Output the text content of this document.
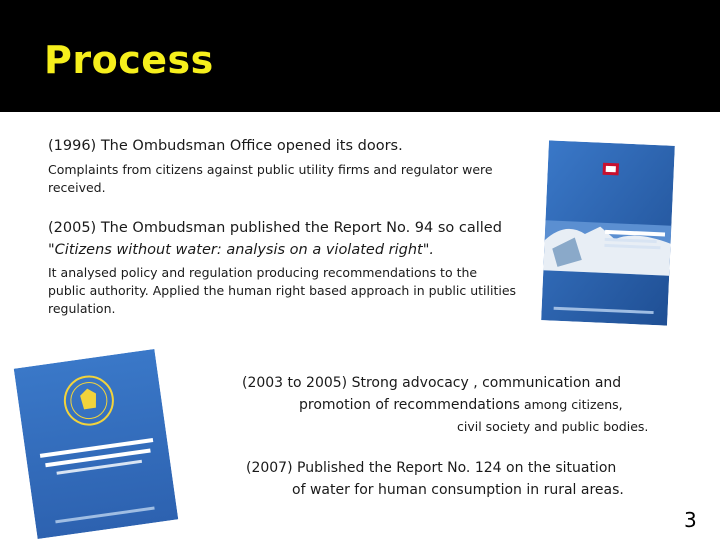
Process
(1996) The Ombudsman Office opened its doors.
Complaints from citizens against public utility firms and regulator were received.
(2005) The Ombudsman published the Report No. 94 so called
"Citizens without water: analysis on a violated right".
It analysed policy and regulation producing recommendations to the public authority. Applied the human right based approach in public utilities regulation.
(2003 to 2005) Strong advocacy , communication and
promotion of recommendations among citizens,
civil society and public bodies.
(2007) Published the Report No. 124 on the situation
of water for human consumption in rural areas.
3
